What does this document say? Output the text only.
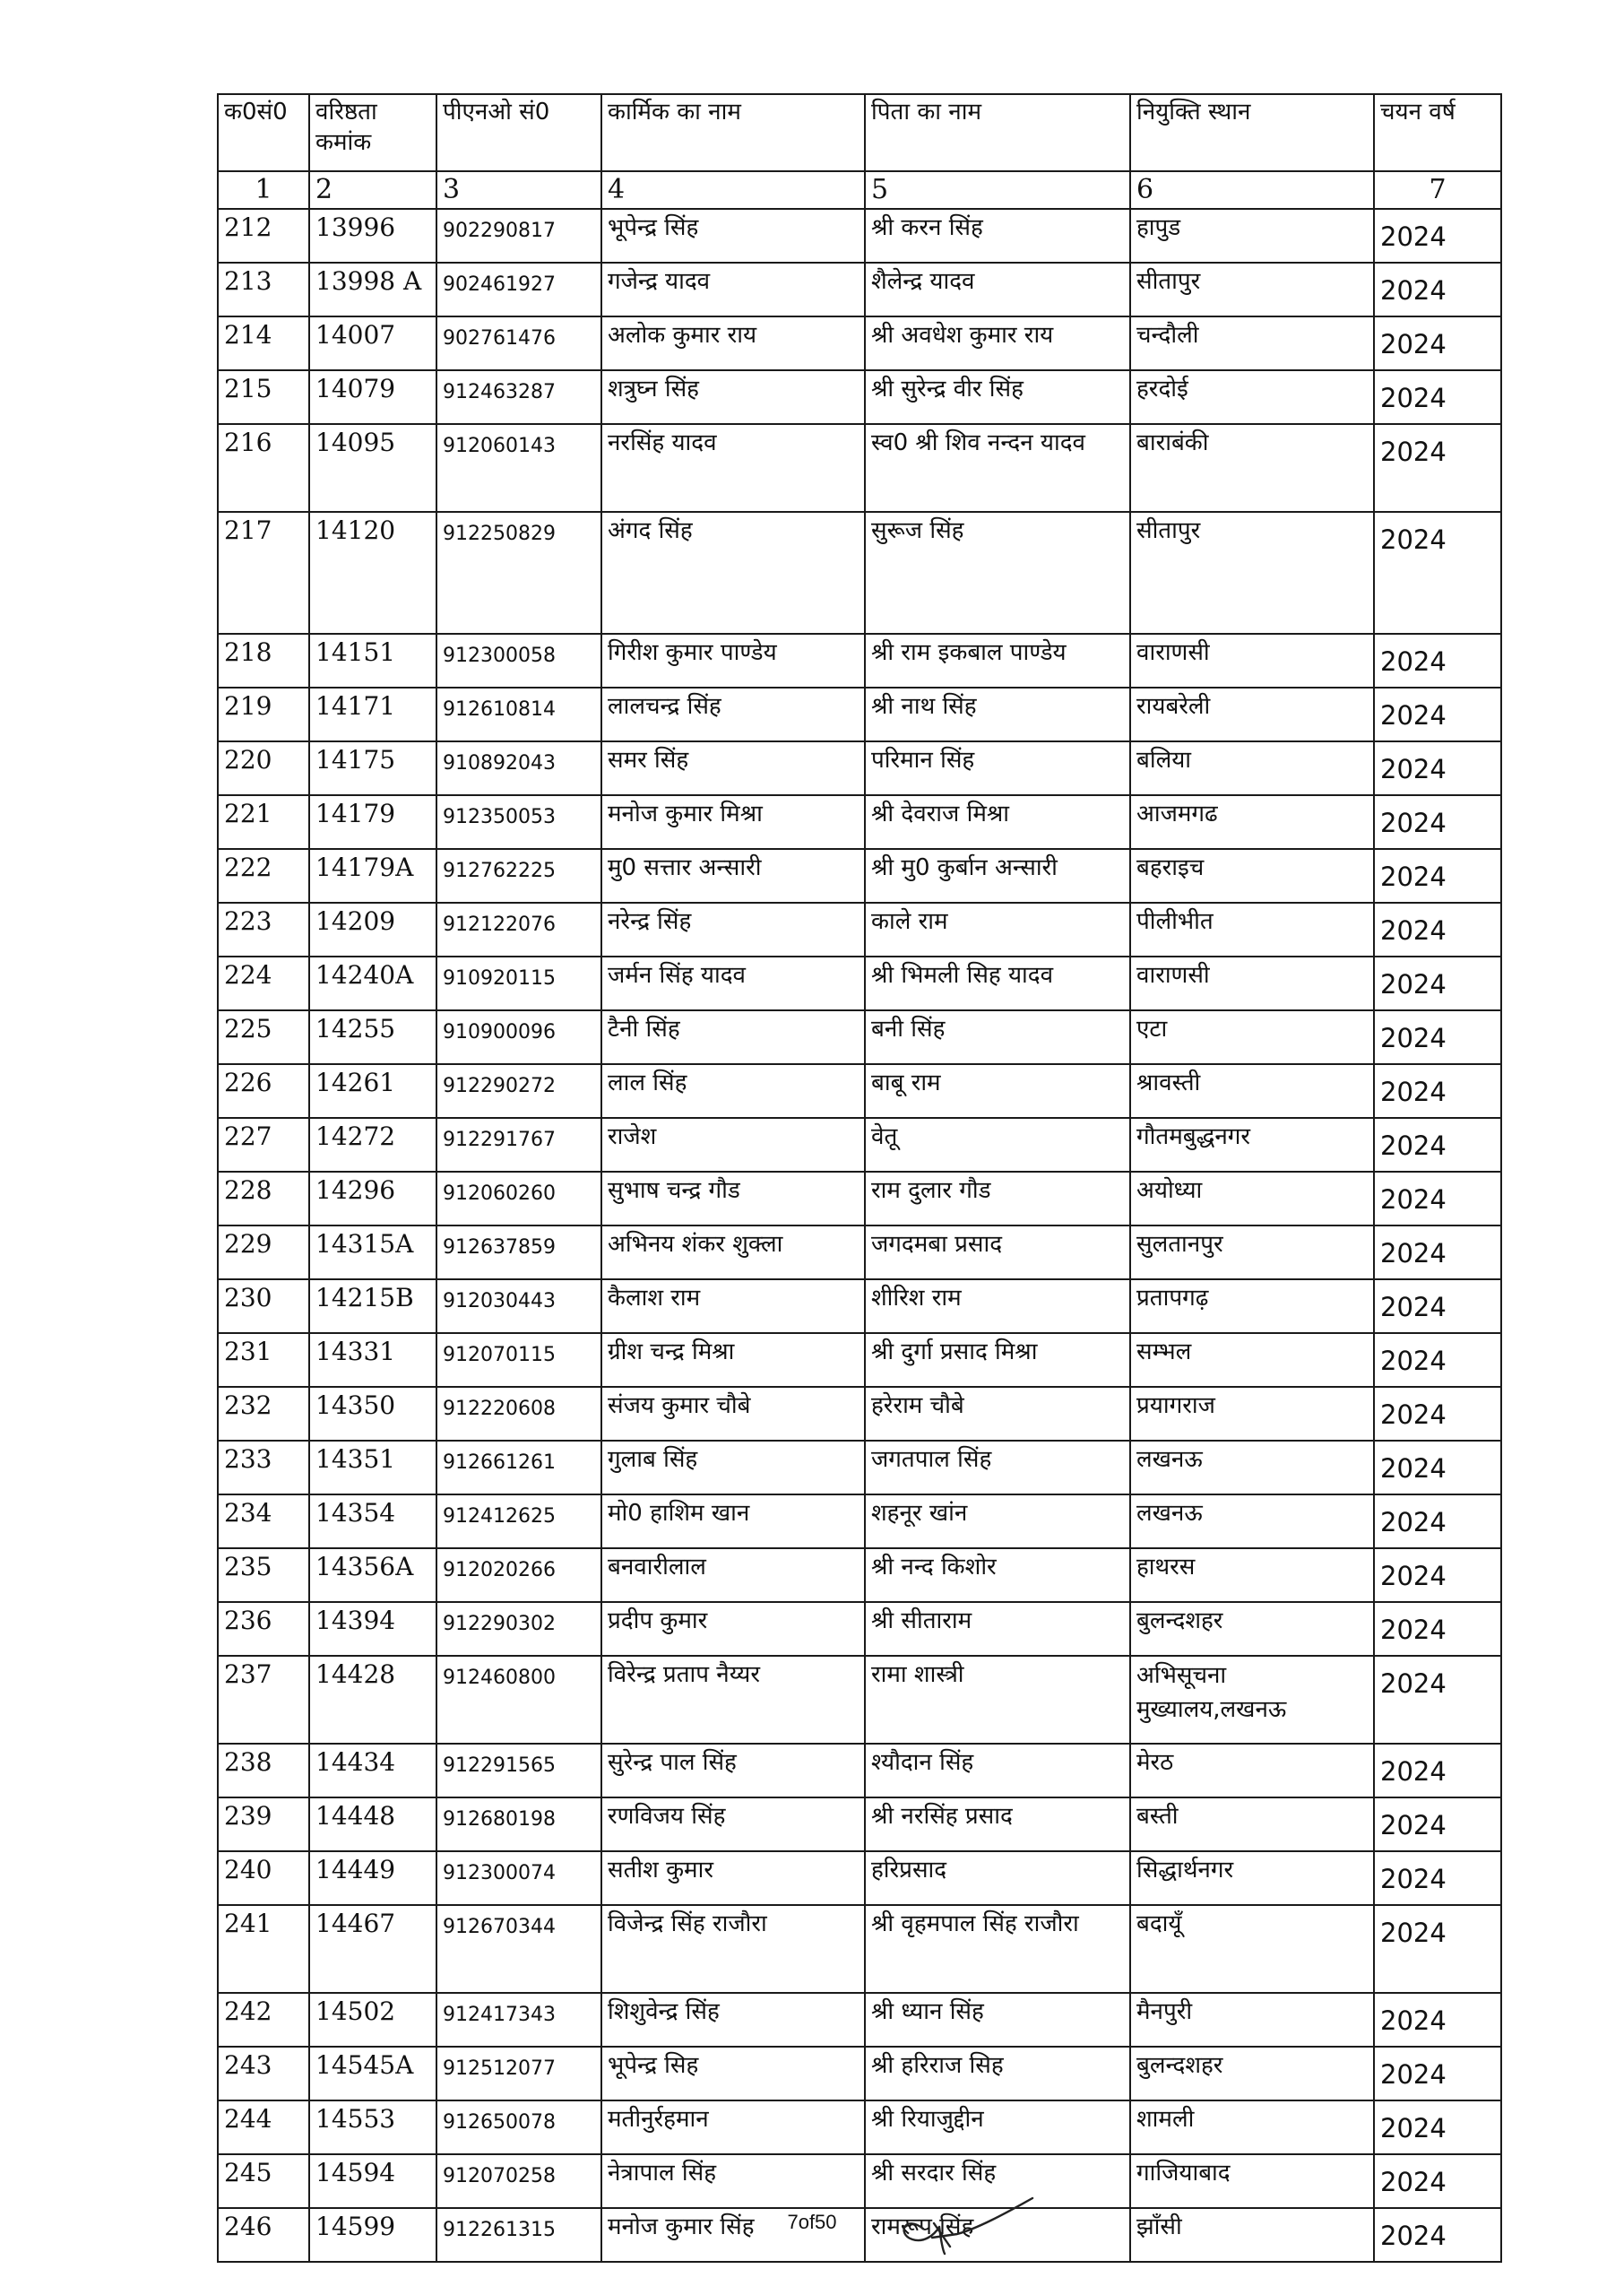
क0सं0	वरिष्ठता कमांक	पीएनओ सं0	कार्मिक का नाम	पिता का नाम	नियुक्ति स्थान	चयन वर्ष
1	2	3	4	5	6	7
212	13996	902290817	भूपेन्द्र सिंह	श्री करन सिंह	हापुड	2024
213	13998 A	902461927	गजेन्द्र यादव	शैलेन्द्र यादव	सीतापुर	2024
214	14007	902761476	अलोक कुमार राय	श्री अवधेश कुमार राय	चन्दौली	2024
215	14079	912463287	शत्रुघ्न सिंह	श्री सुरेन्द्र वीर सिंह	हरदोई	2024
216	14095	912060143	नरसिंह यादव	स्व0 श्री शिव नन्दन यादव	बाराबंकी	2024
217	14120	912250829	अंगद सिंह	सुरूज सिंह	सीतापुर	2024
218	14151	912300058	गिरीश कुमार पाण्डेय	श्री राम इकबाल पाण्डेय	वाराणसी	2024
219	14171	912610814	लालचन्द्र सिंह	श्री नाथ सिंह	रायबरेली	2024
220	14175	910892043	समर सिंह	परिमान सिंह	बलिया	2024
221	14179	912350053	मनोज कुमार मिश्रा	श्री देवराज मिश्रा	आजमगढ	2024
222	14179A	912762225	मु0 सत्तार अन्सारी	श्री मु0 कुर्बान अन्सारी	बहराइच	2024
223	14209	912122076	नरेन्द्र सिंह	काले राम	पीलीभीत	2024
224	14240A	910920115	जर्मन सिंह यादव	श्री भिमली सिह यादव	वाराणसी	2024
225	14255	910900096	टैनी सिंह	बनी सिंह	एटा	2024
226	14261	912290272	लाल सिंह	बाबू राम	श्रावस्ती	2024
227	14272	912291767	राजेश	वेतू	गौतमबुद्धनगर	2024
228	14296	912060260	सुभाष चन्द्र गौड	राम दुलार गौड	अयोध्या	2024
229	14315A	912637859	अभिनय शंकर शुक्ला	जगदमबा प्रसाद	सुलतानपुर	2024
230	14215B	912030443	कैलाश राम	शीरिश राम	प्रतापगढ़	2024
231	14331	912070115	ग्रीश चन्द्र मिश्रा	श्री दुर्गा प्रसाद मिश्रा	सम्भल	2024
232	14350	912220608	संजय कुमार चौबे	हरेराम चौबे	प्रयागराज	2024
233	14351	912661261	गुलाब सिंह	जगतपाल सिंह	लखनऊ	2024
234	14354	912412625	मो0 हाशिम खान	शहनूर खांन	लखनऊ	2024
235	14356A	912020266	बनवारीलाल	श्री नन्द किशोर	हाथरस	2024
236	14394	912290302	प्रदीप कुमार	श्री सीताराम	बुलन्दशहर	2024
237	14428	912460800	विरेन्द्र प्रताप नैय्यर	रामा शास्त्री	अभिसूचना मुख्यालय,लखनऊ	2024
238	14434	912291565	सुरेन्द्र पाल सिंह	श्यौदान सिंह	मेरठ	2024
239	14448	912680198	रणविजय सिंह	श्री नरसिंह प्रसाद	बस्ती	2024
240	14449	912300074	सतीश कुमार	हरिप्रसाद	सिद्धार्थनगर	2024
241	14467	912670344	विजेन्द्र सिंह राजौरा	श्री वृहमपाल सिंह राजौरा	बदायूँ	2024
242	14502	912417343	शिशुवेन्द्र सिंह	श्री ध्यान सिंह	मैनपुरी	2024
243	14545A	912512077	भूपेन्द्र सिह	श्री हरिराज सिह	बुलन्दशहर	2024
244	14553	912650078	मतीनुर्रहमान	श्री रियाजुद्दीन	शामली	2024
245	14594	912070258	नेत्रापाल सिंह	श्री सरदार सिंह	गाजियाबाद	2024
246	14599	912261315	मनोज कुमार सिंह	रामरूप सिंह	झाँसी	2024
7of50
